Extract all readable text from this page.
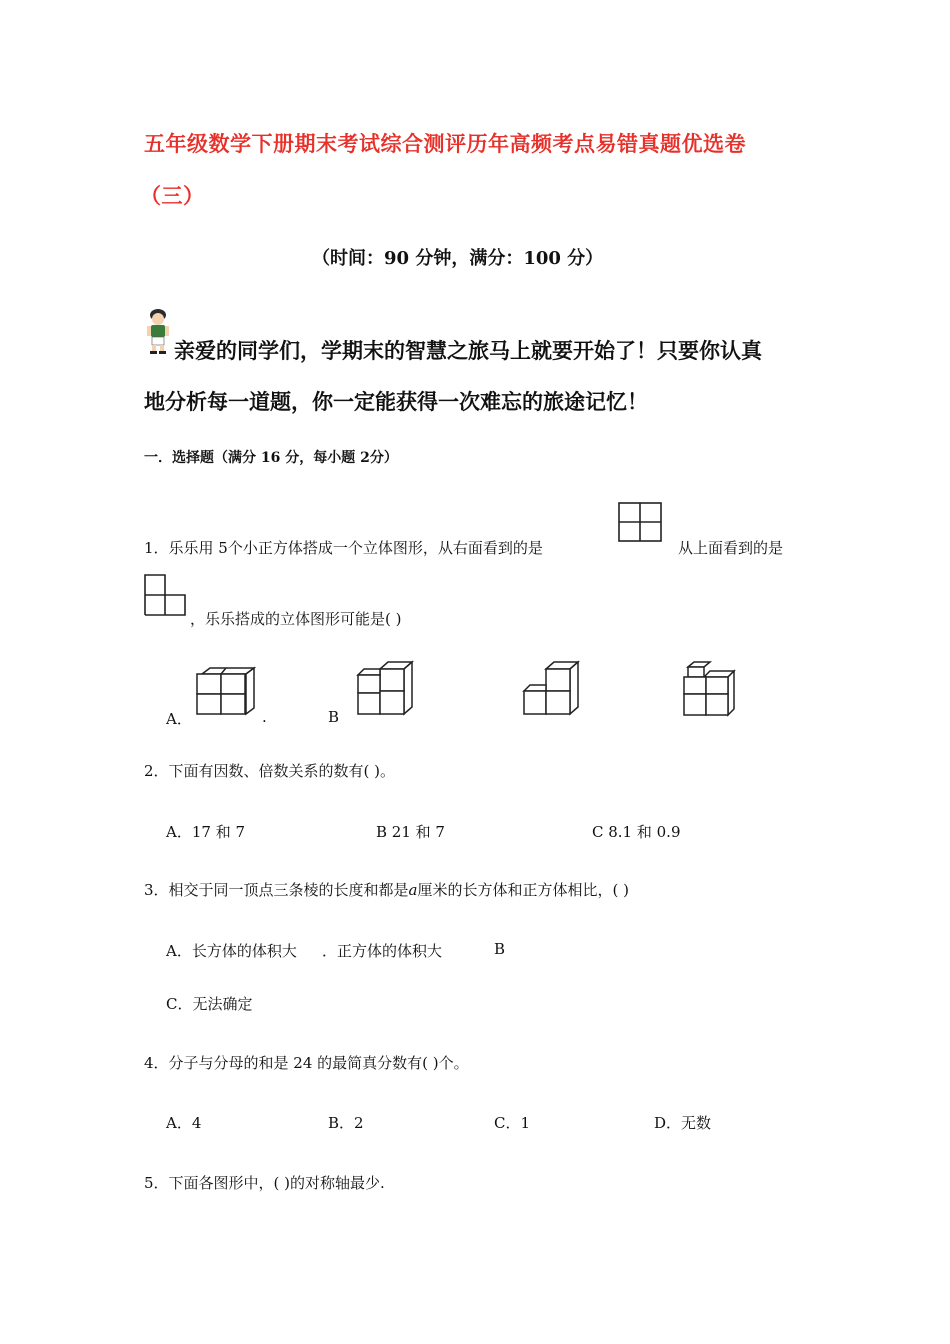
五年级数学下册期末考试综合测评历年高频考点易错真题优选卷
（三）
（时间：90 分钟，满分：100 分）
亲爱的同学们，学期末的智慧之旅马上就要开始了！只要你认真
地分析每一道题，你一定能获得一次难忘的旅途记忆！
一．选择题（满分 16 分，每小题 2分）
1．乐乐用 5个小正方体搭成一个立体图形，从右面看到的是	从上面看到的是
，乐乐搭成的立体图形可能是( )
A．	.	B
2．下面有因数、倍数关系的数有( )。
A．17 和 7	B 21 和 7	C 8.1 和 0.9
3．相交于同一顶点三条棱的长度和都是a厘米的长方体和正方体相比，( )
A．长方体的体积大 ．正方体的体积大	B
C．无法确定
4．分子与分母的和是 24 的最简真分数有( )个。
A．4	B．2	C．1	D．无数
5．下面各图形中，( )的对称轴最少.
